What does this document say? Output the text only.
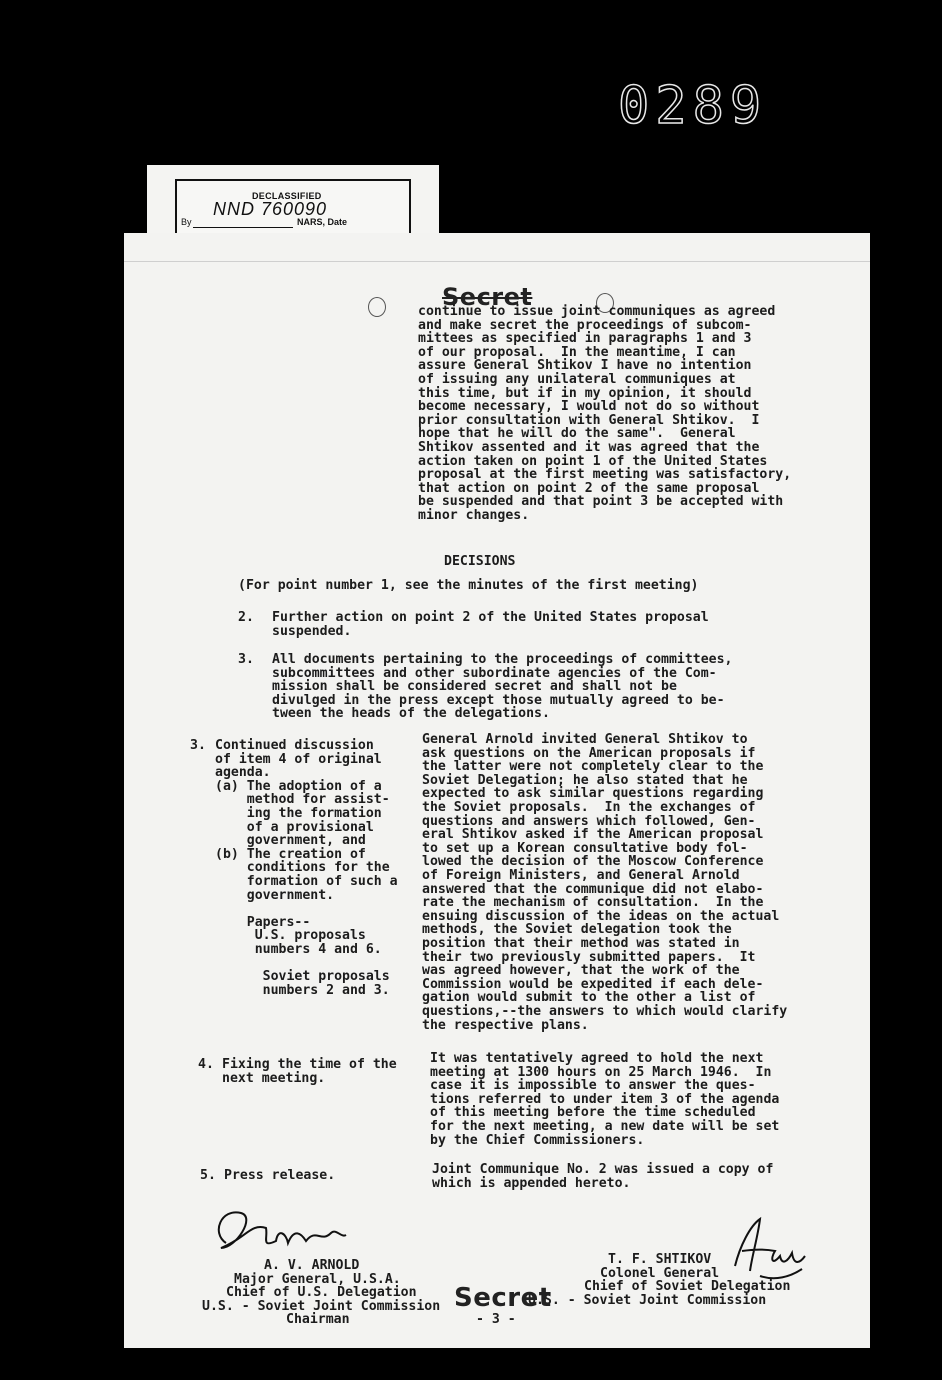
0289
DECLASSIFIED
NND 760090
By	NARS, Date
Secret
continue to issue joint communiques as agreed
and make secret the proceedings of subcom-
mittees as specified in paragraphs 1 and 3
of our proposal.  In the meantime, I can
assure General Shtikov I have no intention
of issuing any unilateral communiques at
this time, but if in my opinion, it should
become necessary, I would not do so without
prior consultation with General Shtikov.  I
hope that he will do the same".  General
Shtikov assented and it was agreed that the
action taken on point 1 of the United States
proposal at the first meeting was satisfactory,
that action on point 2 of the same proposal
be suspended and that point 3 be accepted with
minor changes.
DECISIONS
(For point number 1, see the minutes of the first meeting)
2. Further action on point 2 of the United States proposal
suspended.
3. All documents pertaining to the proceedings of committees,
subcommittees and other subordinate agencies of the Com-
mission shall be considered secret and shall not be
divulged in the press except those mutually agreed to be-
tween the heads of the delegations.
3. Continued discussion
of item 4 of original
agenda.
(a) The adoption of a
method for assist-
ing the formation
of a provisional
government, and
(b) The creation of
conditions for the
formation of such a
government.
Papers--
U.S. proposals
numbers 4 and 6.
Soviet proposals
numbers 2 and 3.
General Arnold invited General Shtikov to
ask questions on the American proposals if
the latter were not completely clear to the
Soviet Delegation; he also stated that he
expected to ask similar questions regarding
the Soviet proposals.  In the exchanges of
questions and answers which followed, Gen-
eral Shtikov asked if the American proposal
to set up a Korean consultative body fol-
lowed the decision of the Moscow Conference
of Foreign Ministers, and General Arnold
answered that the communique did not elabo-
rate the mechanism of consultation.  In the
ensuing discussion of the ideas on the actual
methods, the Soviet delegation took the
position that their method was stated in
their two previously submitted papers.  It
was agreed however, that the work of the
Commission would be expedited if each dele-
gation would submit to the other a list of
questions,--the answers to which would clarify
the respective plans.
4. Fixing the time of the
next meeting.
It was tentatively agreed to hold the next
meeting at 1300 hours on 25 March 1946.  In
case it is impossible to answer the ques-
tions referred to under item 3 of the agenda
of this meeting before the time scheduled
for the next meeting, a new date will be set
by the Chief Commissioners.
5. Press release.	Joint Communique No. 2 was issued a copy of
which is appended hereto.
A. V. ARNOLD
Major General, U.S.A.
Chief of U.S. Delegation
U.S. - Soviet Joint Commission
Chairman
T. F. SHTIKOV
Colonel General
Chief of Soviet Delegation
U.S. - Soviet Joint Commission
Secret
- 3 -
